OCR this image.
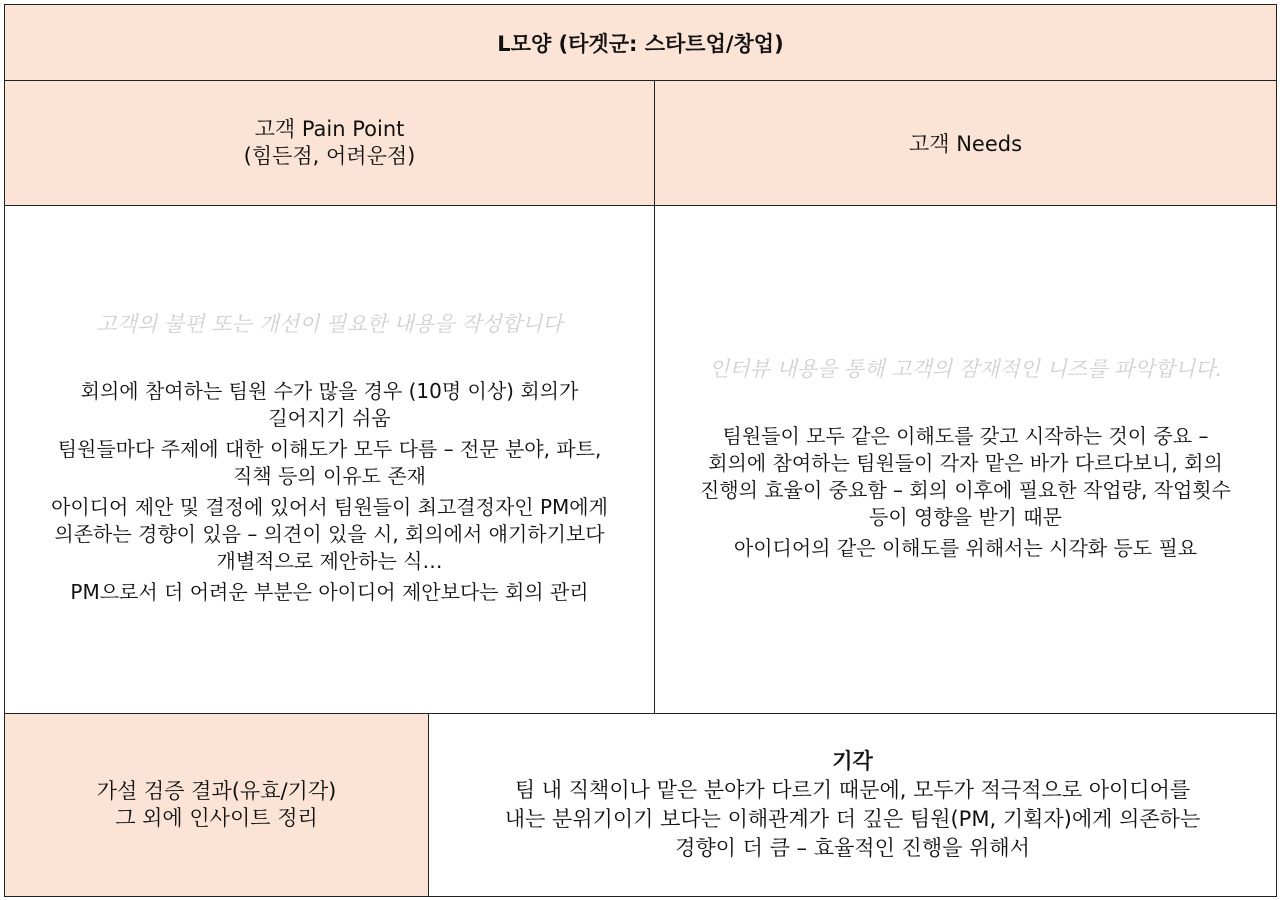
L모양 (타겟군: 스타트업/창업)
고객 Pain Point
(힘든점, 어려운점)	고객 Needs
고객의 불편 또는 개선이 필요한 내용을 작성합니다
회의에 참여하는 팀원 수가 많을 경우 (10명 이상) 회의가
길어지기 쉬움
팀원들마다 주제에 대한 이해도가 모두 다름 – 전문 분야, 파트,
직책 등의 이유도 존재
아이디어 제안 및 결정에 있어서 팀원들이 최고결정자인 PM에게
의존하는 경향이 있음 – 의견이 있을 시, 회의에서 얘기하기보다
개별적으로 제안하는 식…
PM으로서 더 어려운 부분은 아이디어 제안보다는 회의 관리
인터뷰 내용을 통해 고객의 잠재적인 니즈를 파악합니다.
팀원들이 모두 같은 이해도를 갖고 시작하는 것이 중요 –
회의에 참여하는 팀원들이 각자 맡은 바가 다르다보니, 회의
진행의 효율이 중요함 – 회의 이후에 필요한 작업량, 작업횟수
등이 영향을 받기 때문
아이디어의 같은 이해도를 위해서는 시각화 등도 필요
가설 검증 결과(유효/기각)
그 외에 인사이트 정리
기각
팀 내 직책이나 맡은 분야가 다르기 때문에, 모두가 적극적으로 아이디어를
내는 분위기이기 보다는 이해관계가 더 깊은 팀원(PM, 기획자)에게 의존하는
경향이 더 큼 – 효율적인 진행을 위해서
